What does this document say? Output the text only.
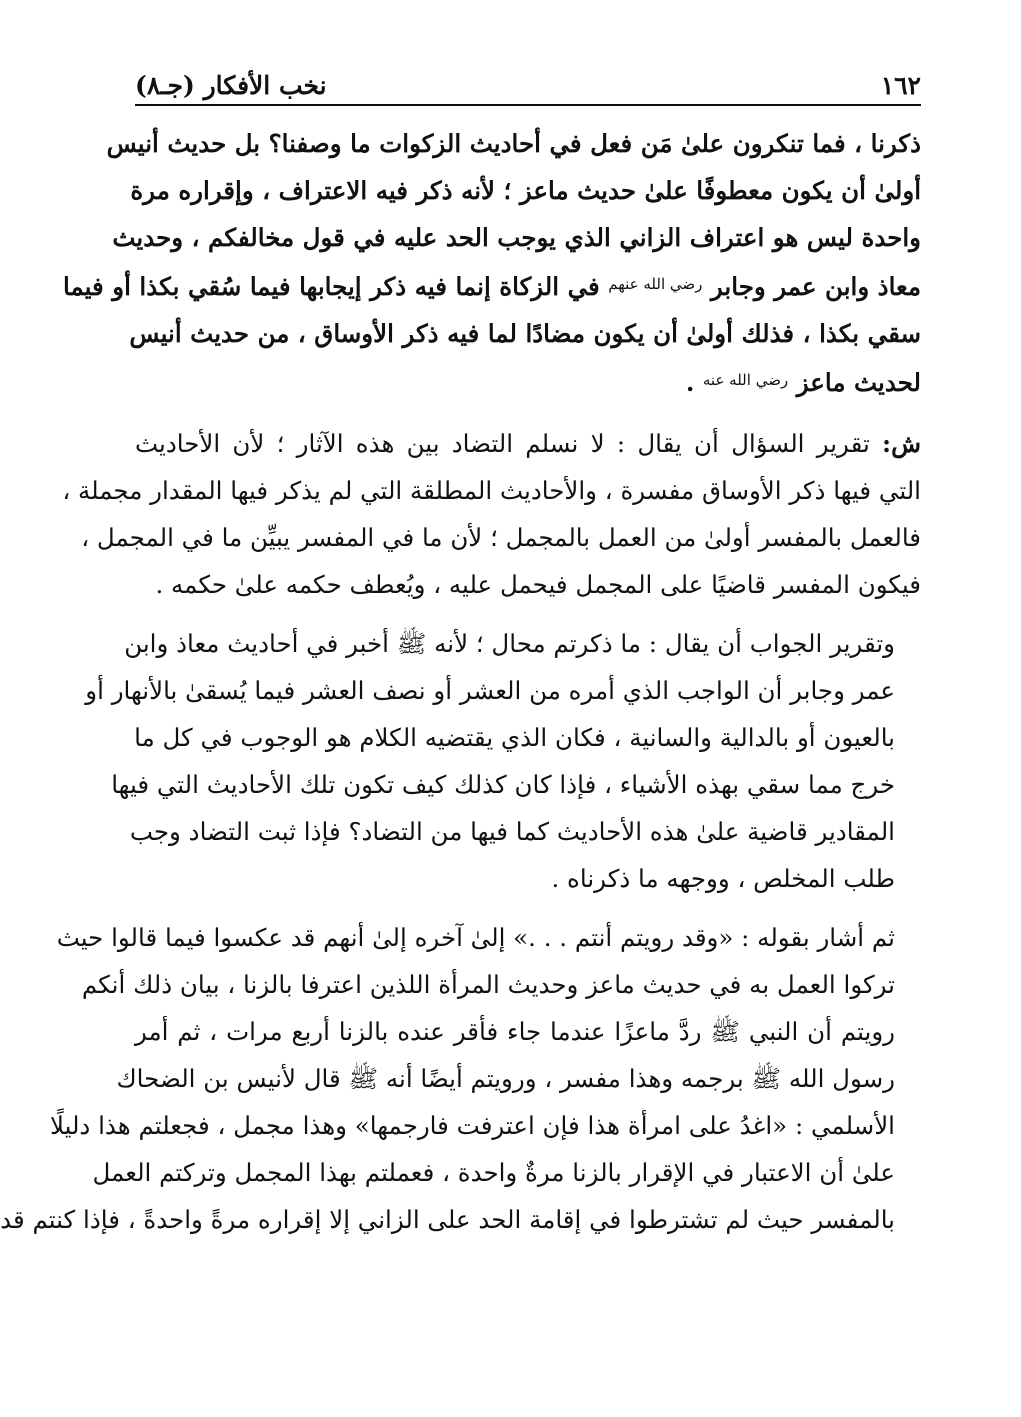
١٦٢
نخب الأفكار (جـ٨)
ذكرنا ، فما تنكرون علىٰ مَن فعل في أحاديث الزكوات ما وصفنا؟ بل حديث أنيس
أولىٰ أن يكون معطوفًا علىٰ حديث ماعز ؛ لأنه ذكر فيه الاعتراف ، وإقراره مرة
واحدة ليس هو اعتراف الزاني الذي يوجب الحد عليه في قول مخالفكم ، وحديث
معاذ وابن عمر وجابر $^{رضي الله عنهم}$ في الزكاة إنما فيه ذكر إيجابها فيما سُقي بكذا أو فيما
سقي بكذا ، فذلك أولىٰ أن يكون مضادًا لما فيه ذكر الأوساق ، من حديث أنيس
لحديث ماعز $^{رضي الله عنه}$ .
ش: تقرير السؤال أن يقال : لا نسلم التضاد بين هذه الآثار ؛ لأن الأحاديث
التي فيها ذكر الأوساق مفسرة ، والأحاديث المطلقة التي لم يذكر فيها المقدار مجملة ،
فالعمل بالمفسر أولىٰ من العمل بالمجمل ؛ لأن ما في المفسر يبيِّن ما في المجمل ،
فيكون المفسر قاضيًا على المجمل فيحمل عليه ، ويُعطف حكمه علىٰ حكمه .
وتقرير الجواب أن يقال : ما ذكرتم محال ؛ لأنه ﷺ أخبر في أحاديث معاذ وابن
عمر وجابر أن الواجب الذي أمره من العشر أو نصف العشر فيما يُسقىٰ بالأنهار أو
بالعيون أو بالدالية والسانية ، فكان الذي يقتضيه الكلام هو الوجوب في كل ما
خرج مما سقي بهذه الأشياء ، فإذا كان كذلك كيف تكون تلك الأحاديث التي فيها
المقادير قاضية علىٰ هذه الأحاديث كما فيها من التضاد؟ فإذا ثبت التضاد وجب
طلب المخلص ، ووجهه ما ذكرناه .
ثم أشار بقوله : «وقد رويتم أنتم . . .» إلىٰ آخره إلىٰ أنهم قد عكسوا فيما قالوا حيث
تركوا العمل به في حديث ماعز وحديث المرأة اللذين اعترفا بالزنا ، بيان ذلك أنكم
رويتم أن النبي ﷺ ردَّ ماعزًا عندما جاء فأقر عنده بالزنا أربع مرات ، ثم أمر
رسول الله ﷺ برجمه وهذا مفسر ، ورويتم أيضًا أنه ﷺ قال لأنيس بن الضحاك
الأسلمي : «اغدُ على امرأة هذا فإن اعترفت فارجمها» وهذا مجمل ، فجعلتم هذا دليلًا
علىٰ أن الاعتبار في الإقرار بالزنا مرةٌ واحدة ، فعملتم بهذا المجمل وتركتم العمل
بالمفسر حيث لم تشترطوا في إقامة الحد على الزاني إلا إقراره مرةً واحدةً ، فإذا كنتم قد
